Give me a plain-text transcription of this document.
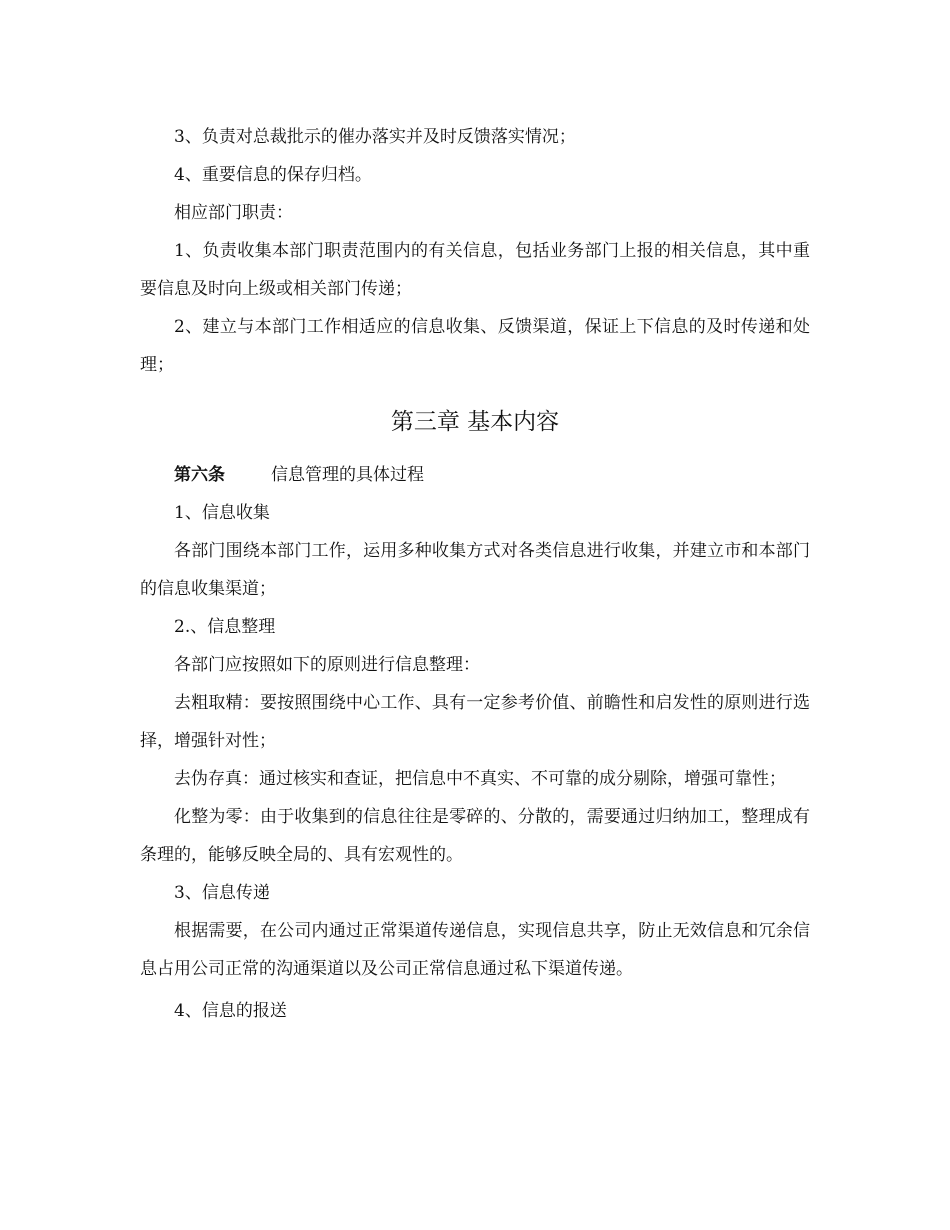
3、负责对总裁批示的催办落实并及时反馈落实情况；

4、重要信息的保存归档。

相应部门职责：

1、负责收集本部门职责范围内的有关信息，包括业务部门上报的相关信息，其中重要信息及时向上级或相关部门传递；

2、建立与本部门工作相适应的信息收集、反馈渠道，保证上下信息的及时传递和处理；

第三章 基本内容

第六条	信息管理的具体过程

1、信息收集

各部门围绕本部门工作，运用多种收集方式对各类信息进行收集，并建立市和本部门的信息收集渠道；

2.、信息整理

各部门应按照如下的原则进行信息整理：

去粗取精：要按照围绕中心工作、具有一定参考价值、前瞻性和启发性的原则进行选择，增强针对性；

去伪存真：通过核实和查证，把信息中不真实、不可靠的成分剔除，增强可靠性；

化整为零：由于收集到的信息往往是零碎的、分散的，需要通过归纳加工，整理成有条理的，能够反映全局的、具有宏观性的。

3、信息传递

根据需要，在公司内通过正常渠道传递信息，实现信息共享，防止无效信息和冗余信息占用公司正常的沟通渠道以及公司正常信息通过私下渠道传递。

4、信息的报送
